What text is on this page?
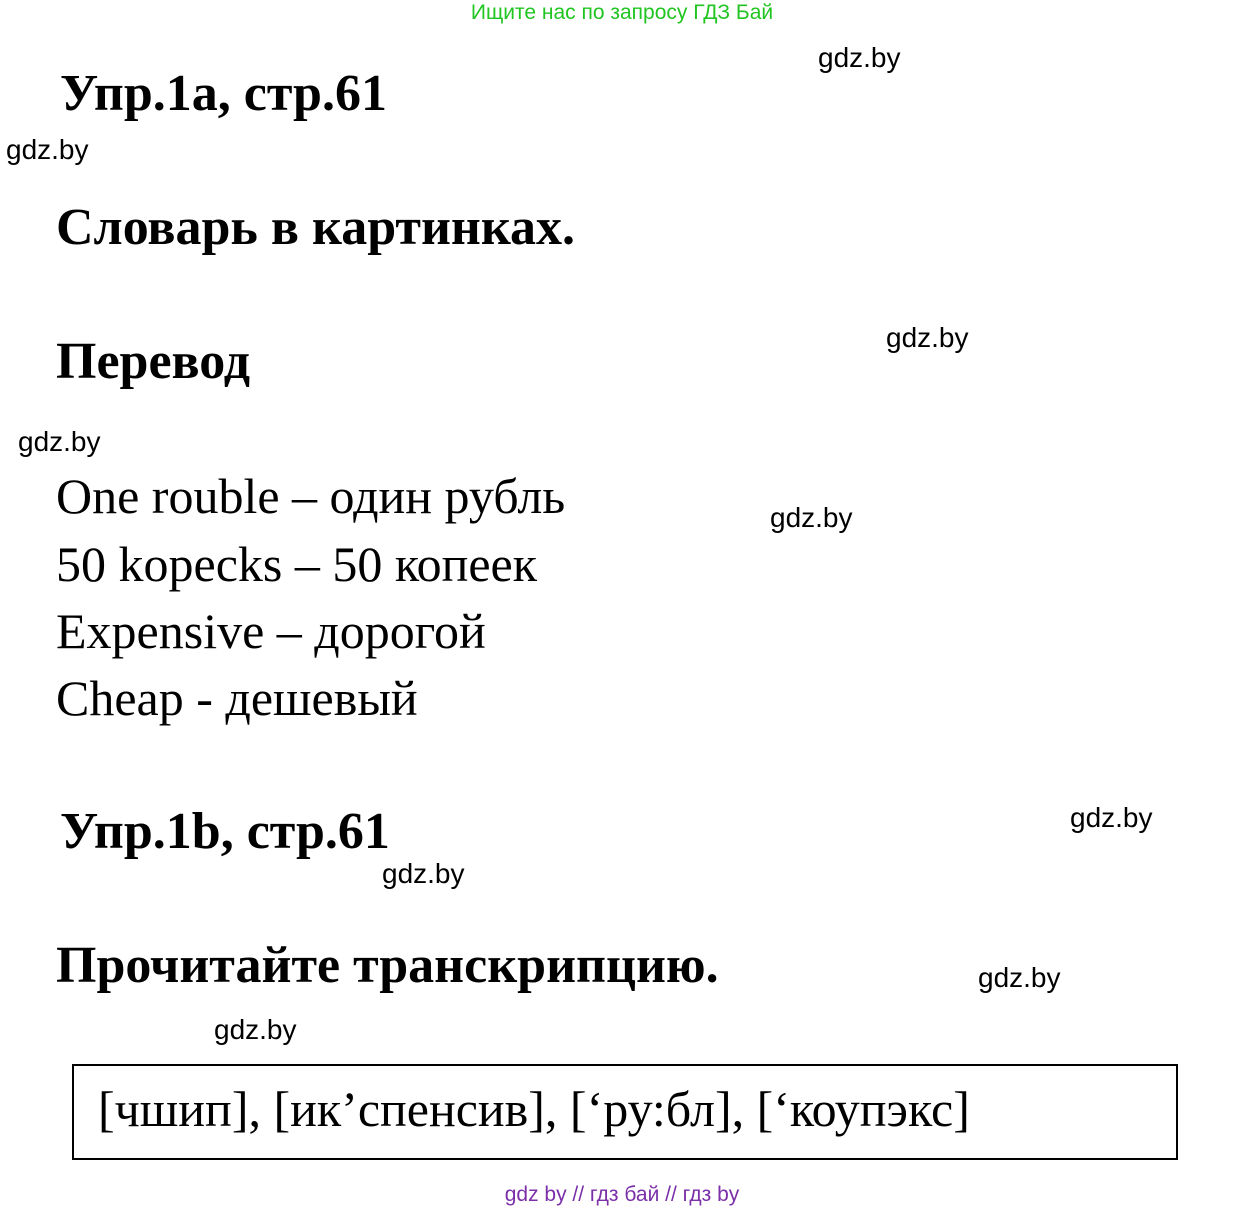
Ищите нас по запросу ГДЗ Бай
gdz.by
gdz.by
gdz.by
gdz.by
gdz.by
gdz.by
gdz.by
gdz.by
gdz.by
Упр.1a, стр.61
Словарь в картинках.
Перевод
One rouble – один рубль
50 kopecks – 50 копеек
Expensive – дорогой
Cheap - дешевый
Упр.1b, стр.61
Прочитайте транскрипцию.
[чшип], [ик’спенсив], [‘ру:бл], [‘коупэкс]
gdz by // гдз бай // гдз by
